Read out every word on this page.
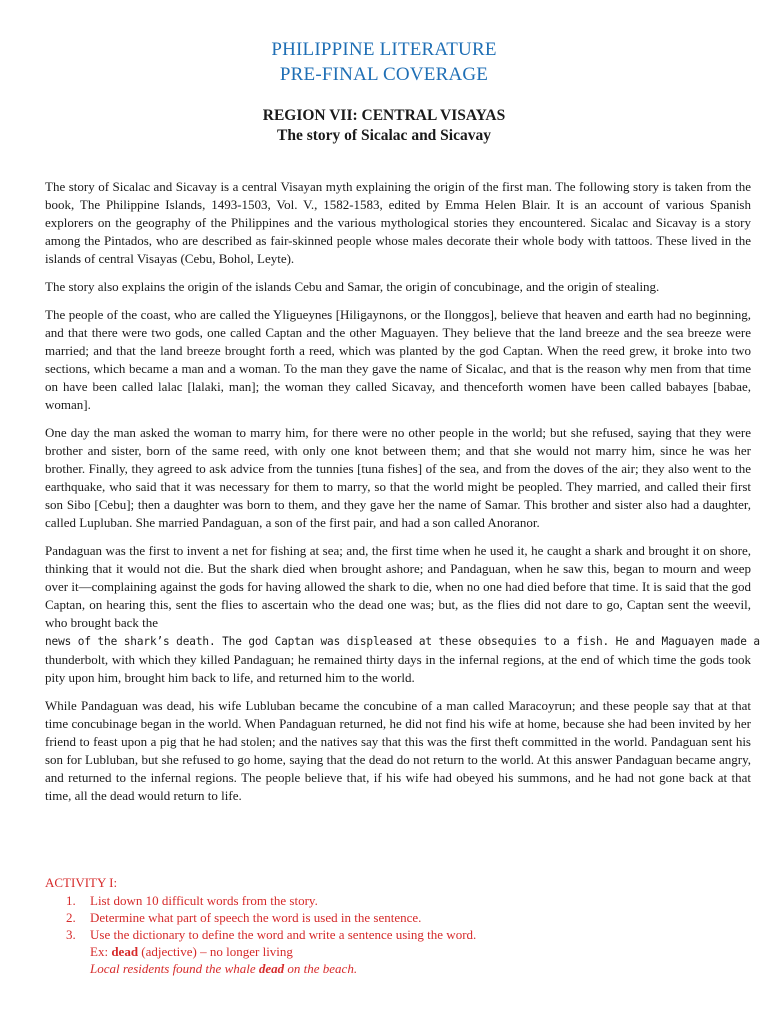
PHILIPPINE LITERATURE
PRE-FINAL COVERAGE
REGION VII: CENTRAL VISAYAS
The story of Sicalac and Sicavay

The story of Sicalac and Sicavay is a central Visayan myth explaining the origin of the first man. The following story is taken from the book, The Philippine Islands, 1493-1503, Vol. V., 1582-1583, edited by Emma Helen Blair. It is an account of various Spanish explorers on the geography of the Philippines and the various mythological stories they encountered. Sicalac and Sicavay is a story among the Pintados, who are described as fair-skinned people whose males decorate their whole body with tattoos. These lived in the islands of central Visayas (Cebu, Bohol, Leyte).

The story also explains the origin of the islands Cebu and Samar, the origin of concubinage, and the origin of stealing.

The people of the coast, who are called the Yligueynes [Hiligaynons, or the Ilonggos], believe that heaven and earth had no beginning, and that there were two gods, one called Captan and the other Maguayen. They believe that the land breeze and the sea breeze were married; and that the land breeze brought forth a reed, which was planted by the god Captan. When the reed grew, it broke into two sections, which became a man and a woman. To the man they gave the name of Sicalac, and that is the reason why men from that time on have been called lalac [lalaki, man]; the woman they called Sicavay, and thenceforth women have been called babayes [babae, woman].

One day the man asked the woman to marry him, for there were no other people in the world; but she refused, saying that they were brother and sister, born of the same reed, with only one knot between them; and that she would not marry him, since he was her brother. Finally, they agreed to ask advice from the tunnies [tuna fishes] of the sea, and from the doves of the air; they also went to the earthquake, who said that it was necessary for them to marry, so that the world might be peopled. They married, and called their first son Sibo [Cebu]; then a daughter was born to them, and they gave her the name of Samar. This brother and sister also had a daughter, called Lupluban. She married Pandaguan, a son of the first pair, and had a son called Anoranor.

Pandaguan was the first to invent a net for fishing at sea; and, the first time when he used it, he caught a shark and brought it on shore, thinking that it would not die. But the shark died when brought ashore; and Pandaguan, when he saw this, began to mourn and weep over it—complaining against the gods for having allowed the shark to die, when no one had died before that time. It is said that the god Captan, on hearing this, sent the flies to ascertain who the dead one was; but, as the flies did not dare to go, Captan sent the weevil, who brought back the
news of the shark’s death. The god Captan was displeased at these obsequies to a fish. He and Maguayen made a
thunderbolt, with which they killed Pandaguan; he remained thirty days in the infernal regions, at the end of which time the gods took pity upon him, brought him back to life, and returned him to the world.

While Pandaguan was dead, his wife Lubluban became the concubine of a man called Maracoyrun; and these people say that at that time concubinage began in the world. When Pandaguan returned, he did not find his wife at home, because she had been invited by her friend to feast upon a pig that he had stolen; and the natives say that this was the first theft committed in the world. Pandaguan sent his son for Lubluban, but she refused to go home, saying that the dead do not return to the world. At this answer Pandaguan became angry, and returned to the infernal regions. The people believe that, if his wife had obeyed his summons, and he had not gone back at that time, all the dead would return to life.

ACTIVITY I:
1. List down 10 difficult words from the story.
2. Determine what part of speech the word is used in the sentence.
3. Use the dictionary to define the word and write a sentence using the word.
Ex: dead (adjective) – no longer living
Local residents found the whale dead on the beach.
